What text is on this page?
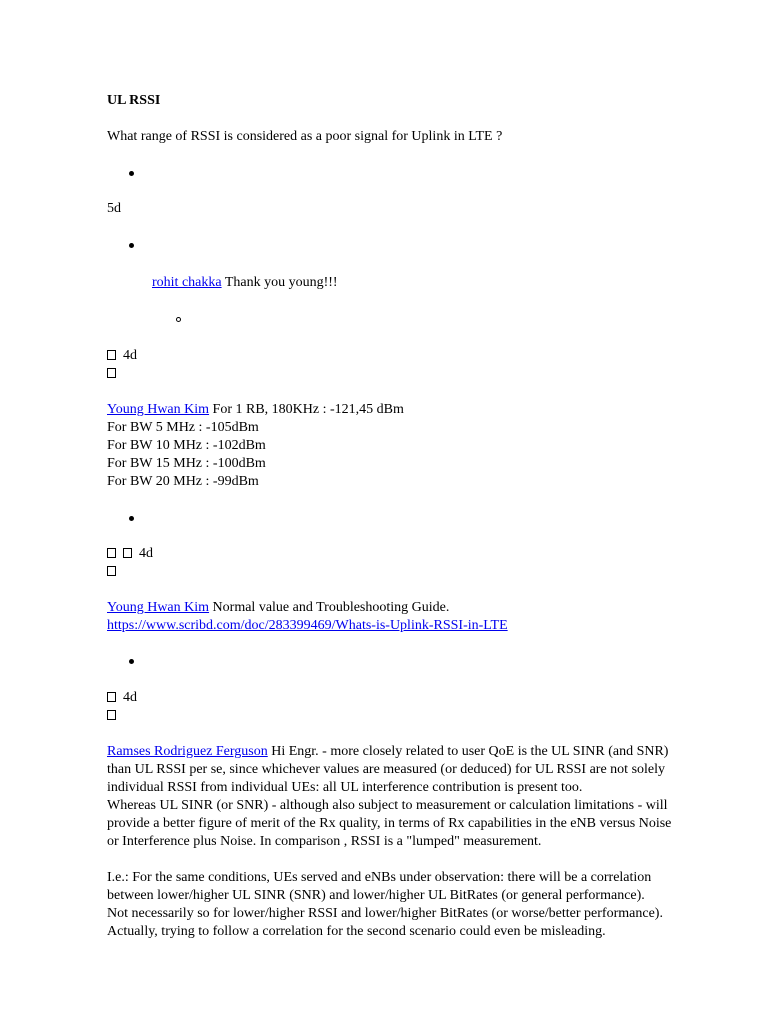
UL RSSI
What range of RSSI is considered as a poor signal for Uplink in LTE ?
5d
rohit chakka Thank you young!!!
4d
Young Hwan Kim For 1 RB, 180KHz : -121,45 dBm
For BW 5 MHz : -105dBm
For BW 10 MHz : -102dBm
For BW 15 MHz : -100dBm
For BW 20 MHz : -99dBm
4d
Young Hwan Kim Normal value and Troubleshooting Guide.
https://www.scribd.com/doc/283399469/Whats-is-Uplink-RSSI-in-LTE
4d
Ramses Rodriguez Ferguson Hi Engr. - more closely related to user QoE is the UL SINR (and SNR)
than UL RSSI per se, since whichever values are measured (or deduced) for UL RSSI are not solely
individual RSSI from individual UEs: all UL interference contribution is present too.
Whereas UL SINR (or SNR) - although also subject to measurement or calculation limitations - will
provide a better figure of merit of the Rx quality, in terms of Rx capabilities in the eNB versus Noise
or Interference plus Noise. In comparison , RSSI is a "lumped" measurement.
I.e.: For the same conditions, UEs served and eNBs under observation: there will be a correlation
between lower/higher UL SINR (SNR) and lower/higher UL BitRates (or general performance).
Not necessarily so for lower/higher RSSI and lower/higher BitRates (or worse/better performance).
Actually, trying to follow a correlation for the second scenario could even be misleading.
